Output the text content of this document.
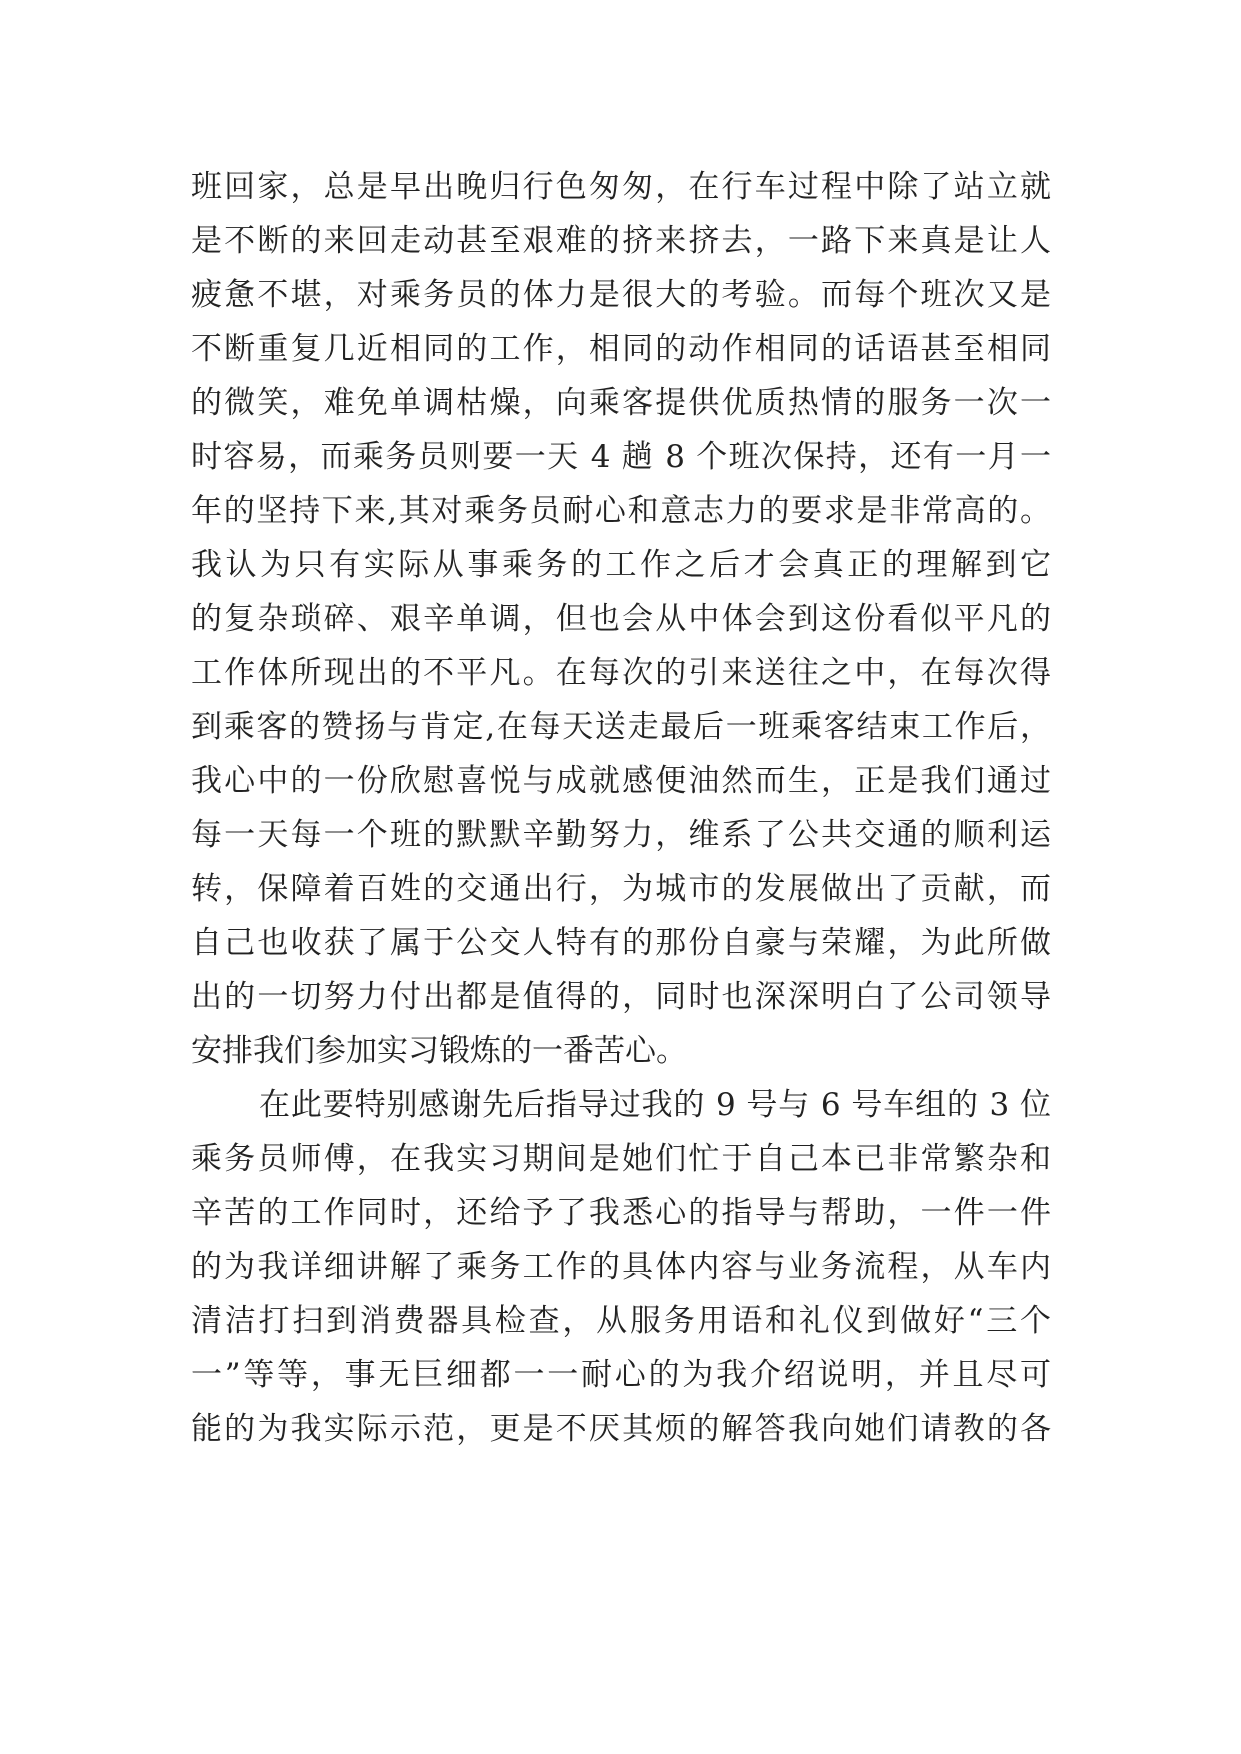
班回家，总是早出晚归行色匆匆，在行车过程中除了站立就
是不断的来回走动甚至艰难的挤来挤去，一路下来真是让人
疲惫不堪，对乘务员的体力是很大的考验。而每个班次又是
不断重复几近相同的工作，相同的动作相同的话语甚至相同
的微笑，难免单调枯燥，向乘客提供优质热情的服务一次一
时容易，而乘务员则要一天 4 趟 8 个班次保持，还有一月一
年的坚持下来,其对乘务员耐心和意志力的要求是非常高的。
我认为只有实际从事乘务的工作之后才会真正的理解到它
的复杂琐碎、艰辛单调，但也会从中体会到这份看似平凡的
工作体所现出的不平凡。在每次的引来送往之中，在每次得
到乘客的赞扬与肯定,在每天送走最后一班乘客结束工作后，
我心中的一份欣慰喜悦与成就感便油然而生，正是我们通过
每一天每一个班的默默辛勤努力，维系了公共交通的顺利运
转，保障着百姓的交通出行，为城市的发展做出了贡献，而
自己也收获了属于公交人特有的那份自豪与荣耀，为此所做
出的一切努力付出都是值得的，同时也深深明白了公司领导
安排我们参加实习锻炼的一番苦心。
在此要特别感谢先后指导过我的 9 号与 6 号车组的 3 位
乘务员师傅，在我实习期间是她们忙于自己本已非常繁杂和
辛苦的工作同时，还给予了我悉心的指导与帮助，一件一件
的为我详细讲解了乘务工作的具体内容与业务流程，从车内
清洁打扫到消费器具检查，从服务用语和礼仪到做好“三个
一”等等，事无巨细都一一耐心的为我介绍说明，并且尽可
能的为我实际示范，更是不厌其烦的解答我向她们请教的各
